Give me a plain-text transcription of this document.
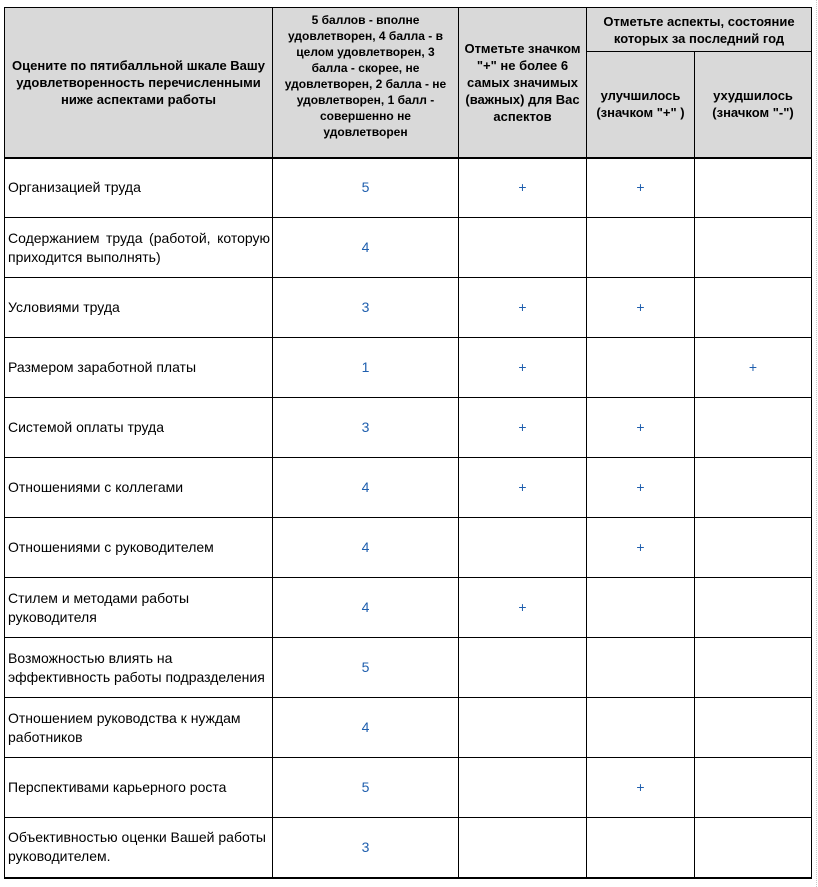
Оцените по пятибалльной шкале Вашу удовлетворенность перечисленными ниже аспектами работы	5 баллов - вполне удовлетворен, 4 балла - в целом удовлетворен, 3 балла - скорее, не удовлетворен, 2 балла - не удовлетворен, 1 балл - совершенно не удовлетворен	Отметьте значком "+" не более 6 самых значимых (важных) для Вас аспектов	Отметьте аспекты, состояние которых за последний год	
			улучшилось (значком "+" )	ухудшилось (значком "-")
Организацией труда	5	+	+	
Содержанием труда (работой, которую приходится выполнять)	4			
Условиями труда	3	+	+	
Размером заработной платы	1	+		+
Системой оплаты труда	3	+	+	
Отношениями с коллегами	4	+	+	
Отношениями с руководителем	4		+	
Стилем и методами работы руководителя	4	+		
Возможностью влиять на эффективность работы подразделения	5			
Отношением руководства к нуждам работников	4			
Перспективами карьерного роста	5		+	
Объективностью оценки Вашей работы руководителем.	3			
